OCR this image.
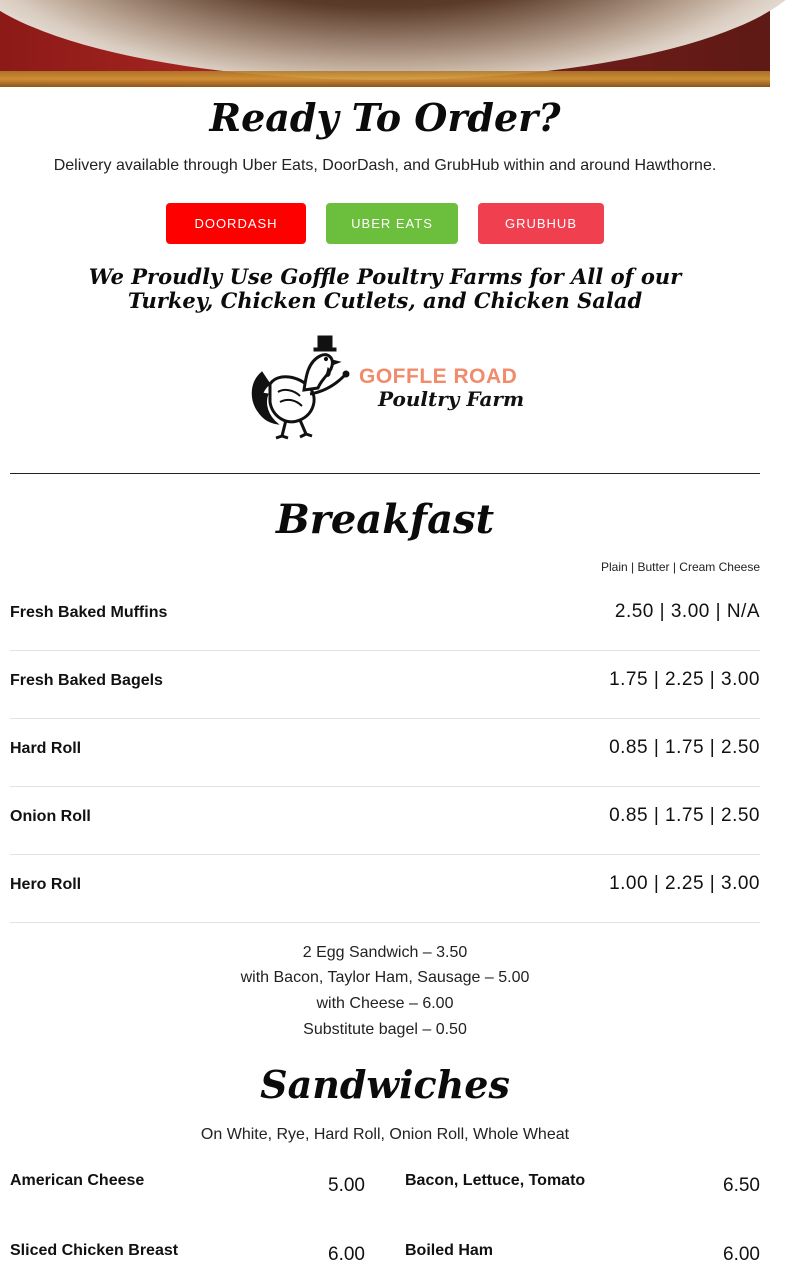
Ready To Order?
Delivery available through Uber Eats, DoorDash, and GrubHub within and around Hawthorne.
DOORDASH	UBER EATS	GRUBHUB
We Proudly Use Goffle Poultry Farms for All of our
Turkey, Chicken Cutlets, and Chicken Salad
GOFFLE ROAD
Poultry Farm
Breakfast
Plain | Butter | Cream Cheese
Fresh Baked Muffins	2.50 | 3.00 | N/A
Fresh Baked Bagels	1.75 | 2.25 | 3.00
Hard Roll	0.85 | 1.75 | 2.50
Onion Roll	0.85 | 1.75 | 2.50
Hero Roll	1.00 | 2.25 | 3.00
2 Egg Sandwich – 3.50
with Bacon, Taylor Ham, Sausage – 5.00
with Cheese – 6.00
Substitute bagel – 0.50
Sandwiches
On White, Rye, Hard Roll, Onion Roll, Whole Wheat
American Cheese	5.00	Bacon, Lettuce, Tomato	6.50
Sliced Chicken Breast	6.00	Boiled Ham	6.00
